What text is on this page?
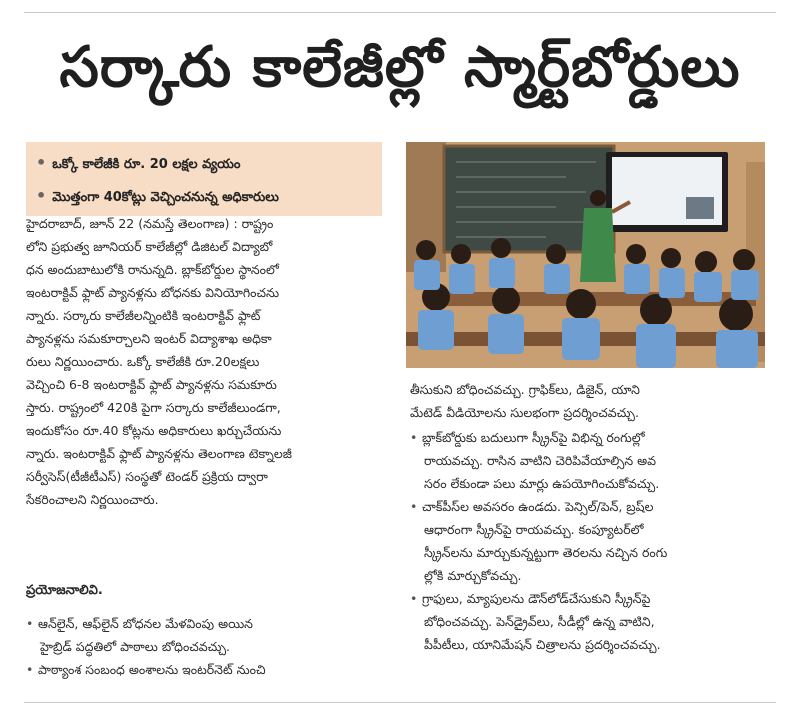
సర్కారు కాలేజీల్లో స్మార్ట్‌బోర్డులు
• ఒక్కో కాలేజీకి రూ. 20 లక్షల వ్యయం
• మొత్తంగా 40కోట్లు వెచ్చించనున్న అధికారులు
హైదరాబాద్, జూన్ 22 (నమస్తే తెలంగాణ) : రాష్ట్రం
లోని ప్రభుత్వ జూనియర్ కాలేజీల్లో డిజిటల్ విద్యాబో
ధన అందుబాటులోకి రానున్నది. బ్లాక్‌బోర్డుల స్థానంలో
ఇంటరాక్టివ్ ఫ్లాట్ ప్యానళ్లను బోధనకు వినియోగించను
న్నారు. సర్కారు కాలేజీలన్నింటికి ఇంటరాక్టివ్ ఫ్లాట్
ప్యానళ్లను సమకూర్చాలని ఇంటర్ విద్యాశాఖ అధికా
రులు నిర్ణయించారు. ఒక్కో కాలేజీకి రూ.20లక్షలు
వెచ్చించి 6-8 ఇంటరాక్టివ్ ఫ్లాట్ ప్యానళ్లను సమకూరు
స్తారు. రాష్ట్రంలో 420కి పైగా సర్కారు కాలేజీలుండగా,
ఇందుకోసం రూ.40 కోట్లను అధికారులు ఖర్చుచేయను
న్నారు. ఇంటరాక్టివ్ ఫ్లాట్ ప్యానళ్లను తెలంగాణ టెక్నాలజీ
సర్వీసెస్(టీజీటీఎస్) సంస్థతో టెండర్ ప్రక్రియ ద్వారా
సేకరించాలని నిర్ణయించారు.
ప్రయోజనాలివి.
• ఆన్‌లైన్, ఆఫ్‌లైన్ బోధనల మేళవింపు అయిన
హైబ్రిడ్ పద్ధతిలో పాఠాలు బోధించవచ్చు.
• పాఠ్యాంశ సంబంధ అంశాలను ఇంటర్‌నెట్ నుంచి
తీసుకుని బోధించవచ్చు. గ్రాఫిక్‌లు, డిజైన్, యాని
మేటెడ్ వీడియోలను సులభంగా ప్రదర్శించవచ్చు.
• బ్లాక్‌బోర్డుకు బదులుగా స్క్రీన్‌పై విభిన్న రంగుల్లో
రాయవచ్చు. రాసిన వాటిని చెరిపివేయాల్సిన అవ
సరం లేకుండా పలు మార్లు ఉపయోగించుకోవచ్చు.
• చాక్‌పీస్‌ల అవసరం ఉండదు. పెన్సిల్/పెన్, బ్రష్‌ల
ఆధారంగా స్క్రీన్‌పై రాయవచ్చు. కంప్యూటర్‌లో
స్క్రీన్‌లను మార్చుకున్నట్టుగా తెరలను నచ్చిన రంగు
ల్లోకి మార్చుకోవచ్చు.
• గ్రాఫులు, మ్యాపులను డౌన్‌లోడ్‌చేసుకుని స్క్రీన్‌పై
బోధించవచ్చు. పెన్‌డ్రైవ్‌లు, సీడీల్లో ఉన్న వాటిని,
పీపీటీలు, యానిమేషన్ చిత్రాలను ప్రదర్శించవచ్చు.
